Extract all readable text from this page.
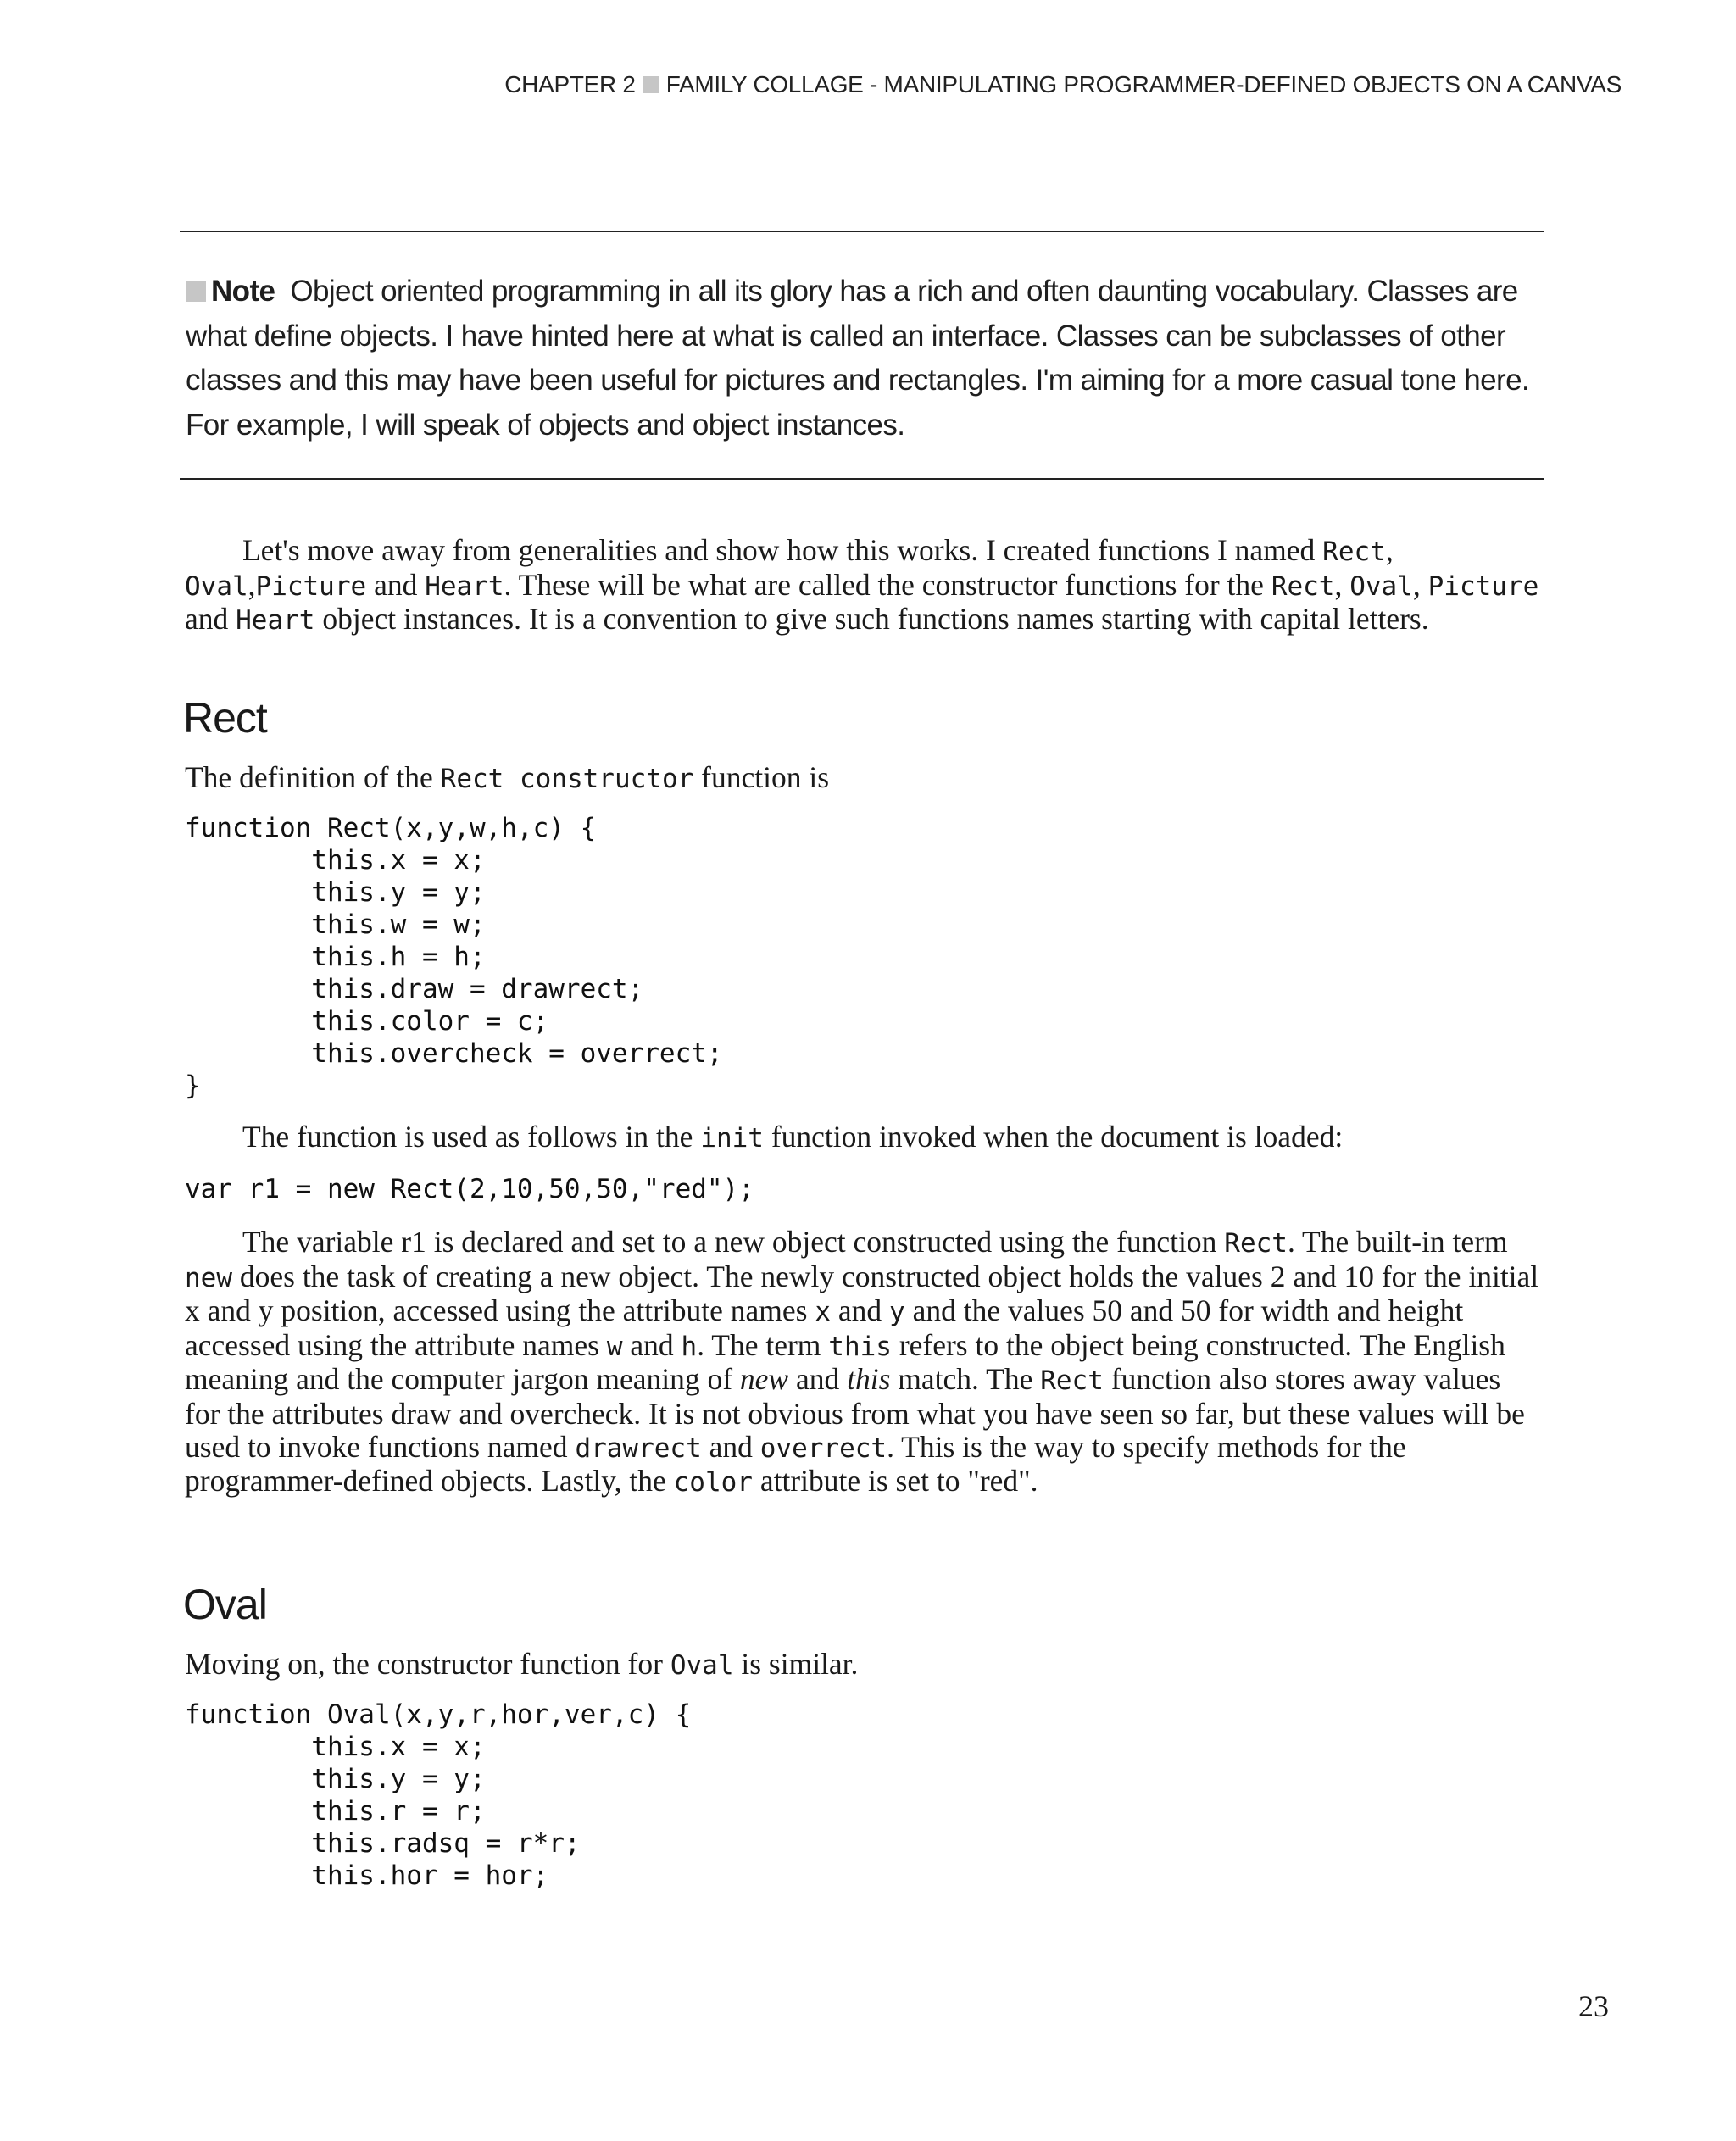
CHAPTER 2 FAMILY COLLAGE - MANIPULATING PROGRAMMER-DEFINED OBJECTS ON A CANVAS
Note Object oriented programming in all its glory has a rich and often daunting vocabulary. Classes are what define objects. I have hinted here at what is called an interface. Classes can be subclasses of other classes and this may have been useful for pictures and rectangles. I'm aiming for a more casual tone here. For example, I will speak of objects and object instances.
Let's move away from generalities and show how this works. I created functions I named Rect, Oval,Picture and Heart. These will be what are called the constructor functions for the Rect, Oval, Picture and Heart object instances. It is a convention to give such functions names starting with capital letters.
Rect
The definition of the Rect constructor function is
function Rect(x,y,w,h,c) {
this.x = x;
this.y = y;
this.w = w;
this.h = h;
this.draw = drawrect;
this.color = c;
this.overcheck = overrect;
}
The function is used as follows in the init function invoked when the document is loaded:
var r1 = new Rect(2,10,50,50,"red");
The variable r1 is declared and set to a new object constructed using the function Rect. The built-in term new does the task of creating a new object. The newly constructed object holds the values 2 and 10 for the initial x and y position, accessed using the attribute names x and y and the values 50 and 50 for width and height accessed using the attribute names w and h. The term this refers to the object being constructed. The English meaning and the computer jargon meaning of new and this match. The Rect function also stores away values for the attributes draw and overcheck. It is not obvious from what you have seen so far, but these values will be used to invoke functions named drawrect and overrect. This is the way to specify methods for the programmer-defined objects. Lastly, the color attribute is set to "red".
Oval
Moving on, the constructor function for Oval is similar.
function Oval(x,y,r,hor,ver,c) {
this.x = x;
this.y = y;
this.r = r;
this.radsq = r*r;
this.hor = hor;
23
